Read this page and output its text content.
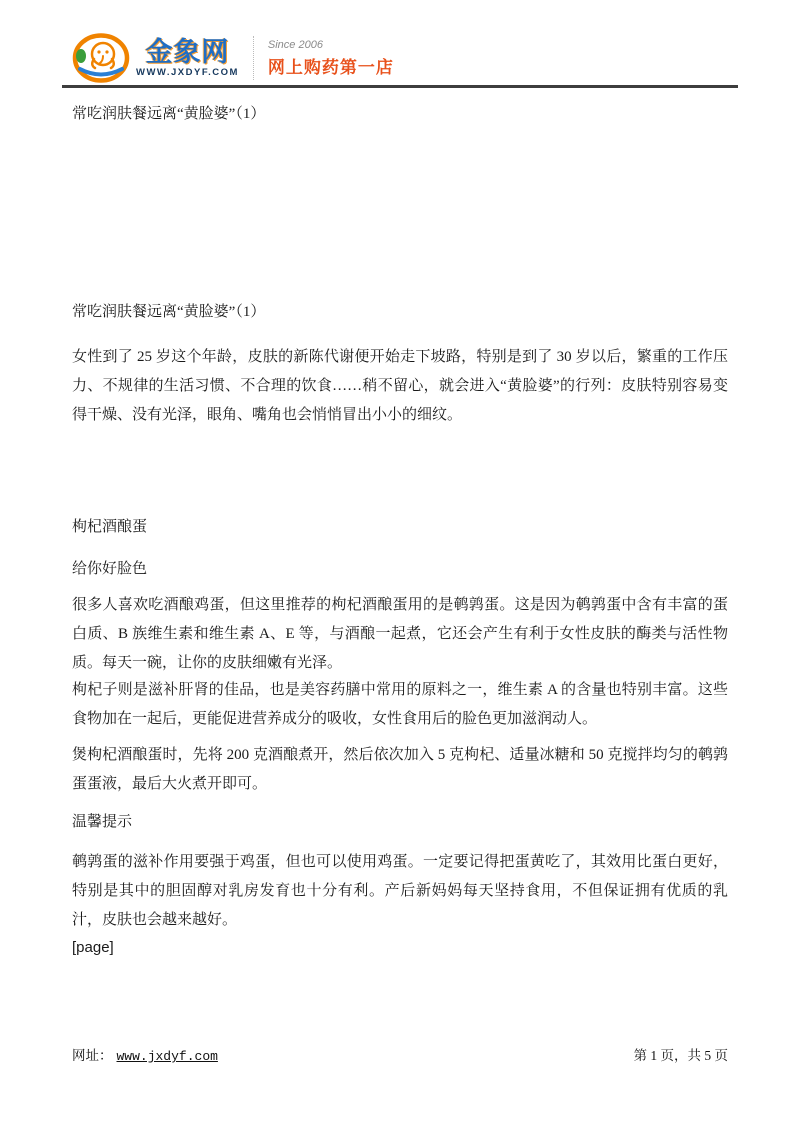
金象网
WWW.JXDYF.COM
Since 2006
网上购药第一店
常吃润肤餐远离“黄脸婆”（1）
常吃润肤餐远离“黄脸婆”（1）
女性到了 25 岁这个年龄，皮肤的新陈代谢便开始走下坡路，特别是到了 30 岁以后，繁重的工作压力、不规律的生活习惯、不合理的饮食……稍不留心，就会进入“黄脸婆”的行列：皮肤特别容易变得干燥、没有光泽，眼角、嘴角也会悄悄冒出小小的细纹。
枸杞酒酿蛋
给你好脸色
很多人喜欢吃酒酿鸡蛋，但这里推荐的枸杞酒酿蛋用的是鹌鹑蛋。这是因为鹌鹑蛋中含有丰富的蛋白质、B 族维生素和维生素 A、E 等，与酒酿一起煮，它还会产生有利于女性皮肤的酶类与活性物质。每天一碗，让你的皮肤细嫩有光泽。
枸杞子则是滋补肝肾的佳品，也是美容药膳中常用的原料之一，维生素 A 的含量也特别丰富。这些食物加在一起后，更能促进营养成分的吸收，女性食用后的脸色更加滋润动人。
煲枸杞酒酿蛋时，先将 200 克酒酿煮开，然后依次加入 5 克枸杞、适量冰糖和 50 克搅拌均匀的鹌鹑蛋蛋液，最后大火煮开即可。
温馨提示
鹌鹑蛋的滋补作用要强于鸡蛋，但也可以使用鸡蛋。一定要记得把蛋黄吃了，其效用比蛋白更好，特别是其中的胆固醇对乳房发育也十分有利。产后新妈妈每天坚持食用，不但保证拥有优质的乳汁，皮肤也会越来越好。
[page]
网址： www.jxdyf.com	第 1 页，共 5 页
